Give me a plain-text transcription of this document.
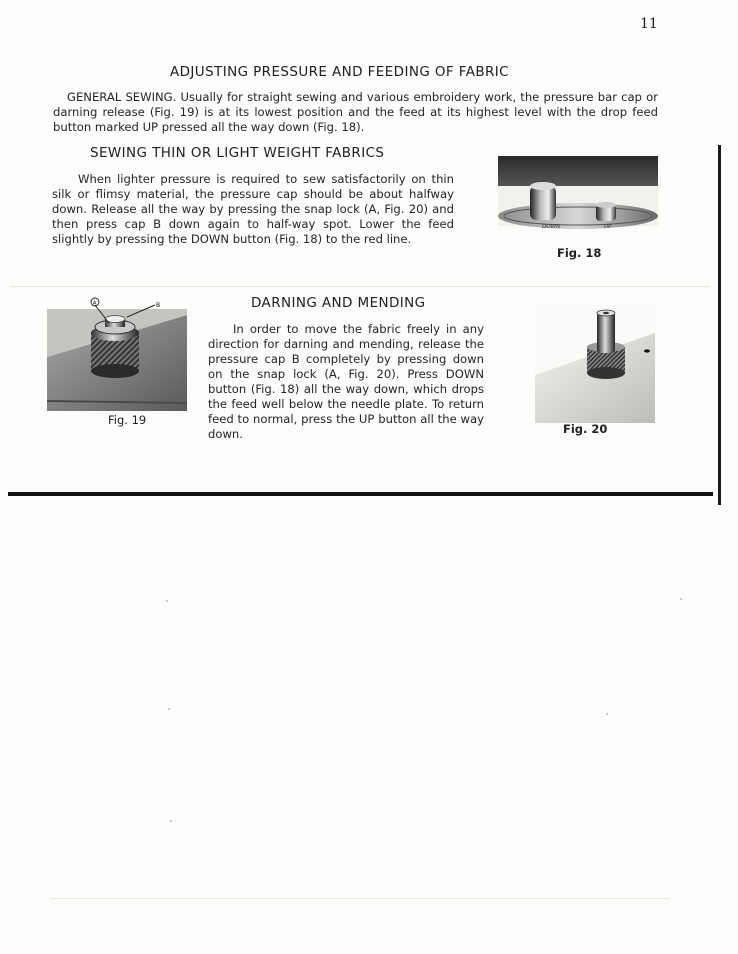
11
ADJUSTING PRESSURE AND FEEDING OF FABRIC
GENERAL SEWING. Usually for straight sewing and various embroidery work, the pressure bar cap or darning release (Fig. 19) is at its lowest position and the feed at its highest level with the drop feed button marked UP pressed all the way down (Fig. 18).
SEWING THIN OR LIGHT WEIGHT FABRICS
When lighter pressure is required to sew satisfactorily on thin silk or flimsy material, the pressure cap should be about halfway down. Release all the way by pressing the snap lock (A, Fig. 20) and then press cap B down again to half-way spot. Lower the feed slightly by pressing the DOWN button (Fig. 18) to the red line.
DOWN	UP
Fig. 18
A	B
Fig. 19
DARNING AND MENDING
In order to move the fabric freely in any direction for darning and mending, release the pressure cap B completely by pressing down on the snap lock (A, Fig. 20). Press DOWN button (Fig. 18) all the way down, which drops the feed well below the needle plate. To return feed to normal, press the UP button all the way down.	Fig. 20
